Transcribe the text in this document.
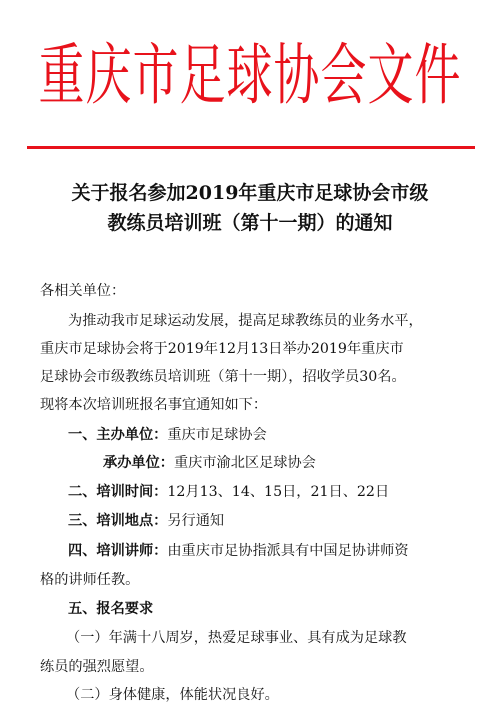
重庆市足球协会文件
关于报名参加2019年重庆市足球协会市级
教练员培训班（第十一期）的通知
各相关单位：
为推动我市足球运动发展，提高足球教练员的业务水平，
重庆市足球协会将于2019年12月13日举办2019年重庆市
足球协会市级教练员培训班（第十一期），招收学员30名。
现将本次培训班报名事宜通知如下：
一、主办单位：重庆市足球协会
承办单位：重庆市渝北区足球协会
二、培训时间：12月13、14、15日，21日、22日
三、培训地点：另行通知
四、培训讲师：由重庆市足协指派具有中国足协讲师资
格的讲师任教。
五、报名要求
（一）年满十八周岁，热爱足球事业、具有成为足球教
练员的强烈愿望。
（二）身体健康，体能状况良好。
